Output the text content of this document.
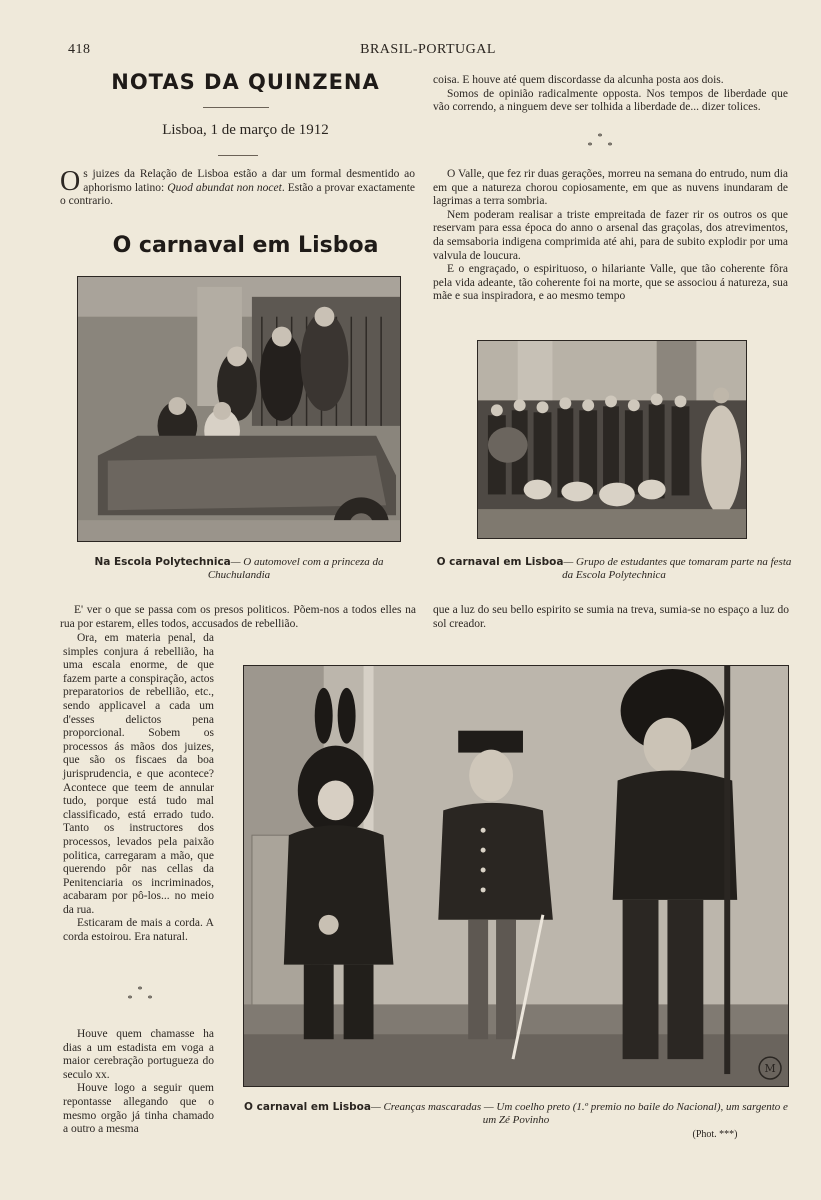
418	BRASIL-PORTUGAL
NOTAS DA QUINZENA
Lisboa, 1 de março de 1912

Os juizes da Relação de Lisboa estão a dar um formal desmentido ao aphorismo latino: Quod abundat non nocet. Estão a provar exactamente o contrario.

O carnaval em Lisboa

coisa. E houve até quem discordasse da alcunha posta aos dois.

Somos de opinião radicalmente opposta. Nos tempos de liberdade que vão correndo, a ninguem deve ser tolhida a liberdade de... dizer tolices.

*
* *

O Valle, que fez rir duas gerações, morreu na semana do entrudo, num dia em que a natureza chorou copiosamente, em que as nuvens inundaram de lagrimas a terra sombria.

Nem poderam realisar a triste empreitada de fazer rir os outros os que reservam para essa época do anno o arsenal das graçolas, dos atrevimentos, da semsaboria indigena comprimida até ahi, para de subito explodir por uma valvula de loucura.

E o engraçado, o espirituoso, o hilariante Valle, que tão coherente fôra pela vida adeante, tão coherente foi na morte, que se associou á natureza, sua mãe e sua inspiradora, e ao mesmo tempo

Na Escola Polytechnica— O automovel com a princeza da Chuchulandia
O carnaval em Lisboa— Grupo de estudantes que tomaram parte na festa da Escola Polytechnica

E' ver o que se passa com os presos politicos. Põem-nos a todos elles na rua por estarem, elles todos, accusados de rebellião.

que a luz do seu bello espirito se sumia na treva, sumia-se no espaço a luz do sol creador.

Ora, em materia penal, da simples conjura á rebellião, ha uma escala enorme, de que fazem parte a conspiração, actos preparatorios de rebellião, etc., sendo applicavel a cada um d'esses delictos pena proporcional. Sobem os processos ás mãos dos juizes, que são os fiscaes da boa jurisprudencia, e que acontece? Acontece que teem de annular tudo, porque está tudo mal classificado, está errado tudo. Tanto os instructores dos processos, levados pela paixão politica, carregaram a mão, que querendo pôr nas cellas da Penitenciaria os incriminados, acabaram por pô-los... no meio da rua.

Esticaram de mais a corda. A corda estoirou. Era natural.

*
* *

Houve quem chamasse ha dias a um estadista em voga a maior cerebração portugueza do seculo xx.

Houve logo a seguir quem repontasse allegando que o mesmo orgão já tinha chamado a outro a mesma

M
O carnaval em Lisboa— Creanças mascaradas — Um coelho preto (1.º premio no baile do Nacional), um sargento e um Zé Povinho
(Phot. ***)
